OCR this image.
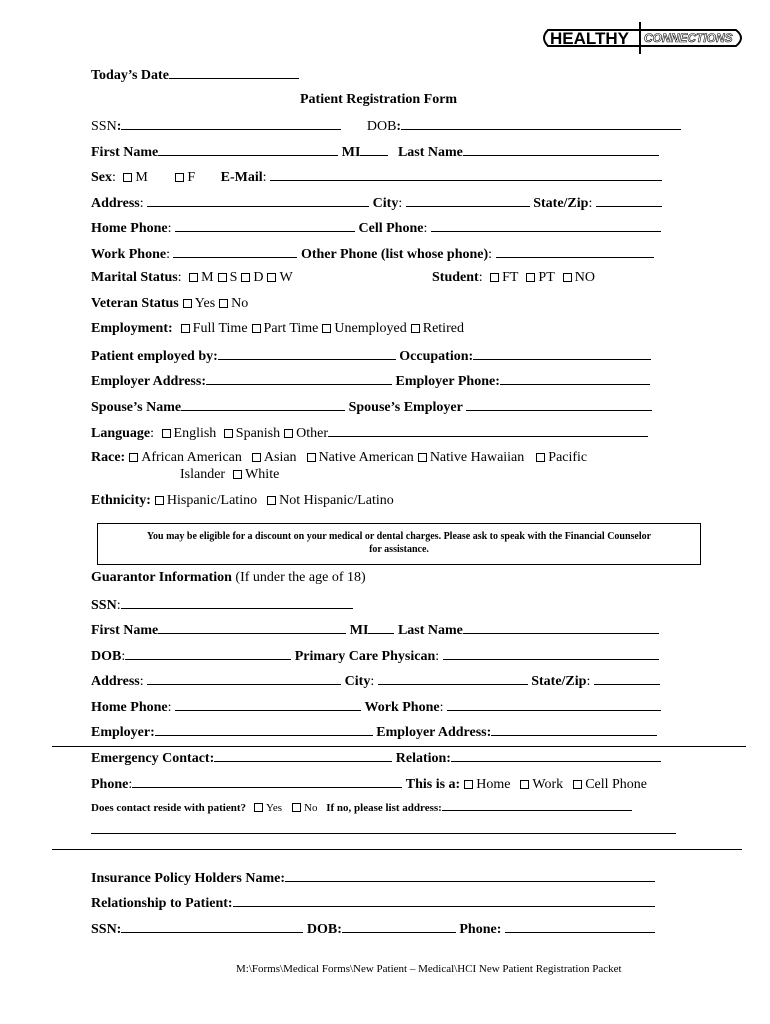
HEALTHY CONNECTIONS
Today’s Date
Patient Registration Form
SSN:	DOB:
First Name	MI	Last Name
Sex: M	F E-Mail:
Address:	City:	State/Zip:
Home Phone:	Cell Phone:
Work Phone:	Other Phone (list whose phone):
Marital Status: M S D W	Student: FT PT NO
Veteran Status Yes No
Employment: Full Time Part Time Unemployed Retired
Patient employed by:	Occupation:
Employer Address:	Employer Phone:
Spouse’s Name	Spouse’s Employer
Language: English Spanish Other
Race: African American Asian Native American Native Hawaiian Pacific
Islander White
Ethnicity: Hispanic/Latino Not Hispanic/Latino
You may be eligible for a discount on your medical or dental charges. Please ask to speak with the Financial Counselor
for assistance.
Guarantor Information (If under the age of 18)
SSN:
First Name	MI Last Name
DOB:	Primary Care Physican:
Address:	City:	State/Zip:
Home Phone:	Work Phone:
Employer:	Employer Address:
Emergency Contact:	Relation:
Phone:	This is a: Home Work Cell Phone
Does contact reside with patient? Yes No If no, please list address:
Insurance Policy Holders Name:
Relationship to Patient:
SSN:	DOB:	Phone:
M:\Forms\Medical Forms\New Patient – Medical\HCI New Patient Registration Packet
